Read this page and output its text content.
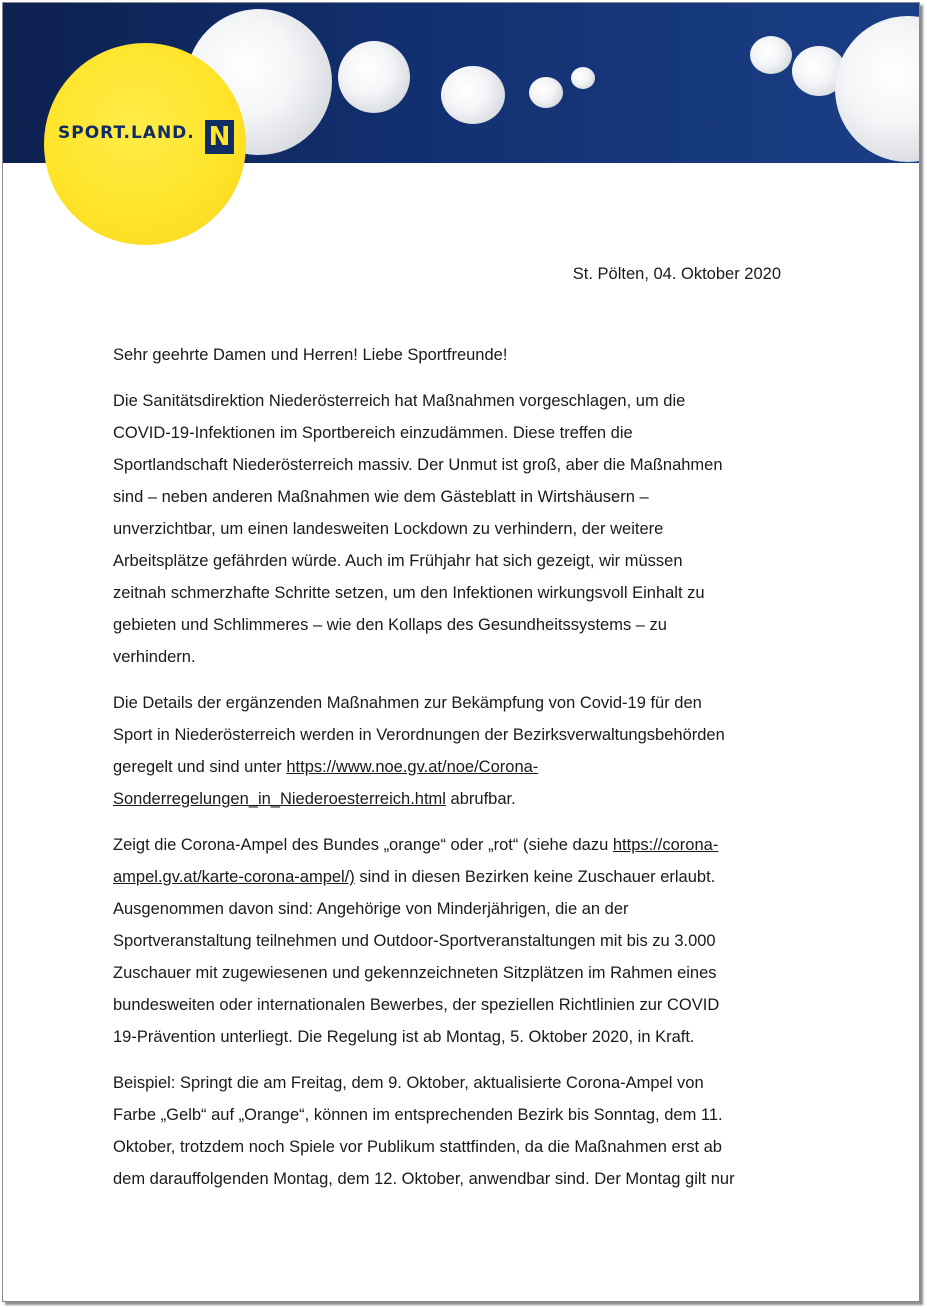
SPORT.LAND. N
St. Pölten, 04. Oktober 2020

Sehr geehrte Damen und Herren! Liebe Sportfreunde!

Die Sanitätsdirektion Niederösterreich hat Maßnahmen vorgeschlagen, um die
COVID-19-Infektionen im Sportbereich einzudämmen. Diese treffen die
Sportlandschaft Niederösterreich massiv. Der Unmut ist groß, aber die Maßnahmen
sind – neben anderen Maßnahmen wie dem Gästeblatt in Wirtshäusern –
unverzichtbar, um einen landesweiten Lockdown zu verhindern, der weitere
Arbeitsplätze gefährden würde. Auch im Frühjahr hat sich gezeigt, wir müssen
zeitnah schmerzhafte Schritte setzen, um den Infektionen wirkungsvoll Einhalt zu
gebieten und Schlimmeres – wie den Kollaps des Gesundheitssystems – zu
verhindern.

Die Details der ergänzenden Maßnahmen zur Bekämpfung von Covid-19 für den
Sport in Niederösterreich werden in Verordnungen der Bezirksverwaltungsbehörden
geregelt und sind unter https://www.noe.gv.at/noe/Corona-
Sonderregelungen_in_Niederoesterreich.html abrufbar.

Zeigt die Corona-Ampel des Bundes „orange“ oder „rot“ (siehe dazu https://corona-
ampel.gv.at/karte-corona-ampel/) sind in diesen Bezirken keine Zuschauer erlaubt.
Ausgenommen davon sind: Angehörige von Minderjährigen, die an der
Sportveranstaltung teilnehmen und Outdoor-Sportveranstaltungen mit bis zu 3.000
Zuschauer mit zugewiesenen und gekennzeichneten Sitzplätzen im Rahmen eines
bundesweiten oder internationalen Bewerbes, der speziellen Richtlinien zur COVID
19-Prävention unterliegt. Die Regelung ist ab Montag, 5. Oktober 2020, in Kraft.

Beispiel: Springt die am Freitag, dem 9. Oktober, aktualisierte Corona-Ampel von
Farbe „Gelb“ auf „Orange“, können im entsprechenden Bezirk bis Sonntag, dem 11.
Oktober, trotzdem noch Spiele vor Publikum stattfinden, da die Maßnahmen erst ab
dem darauffolgenden Montag, dem 12. Oktober, anwendbar sind. Der Montag gilt nur
